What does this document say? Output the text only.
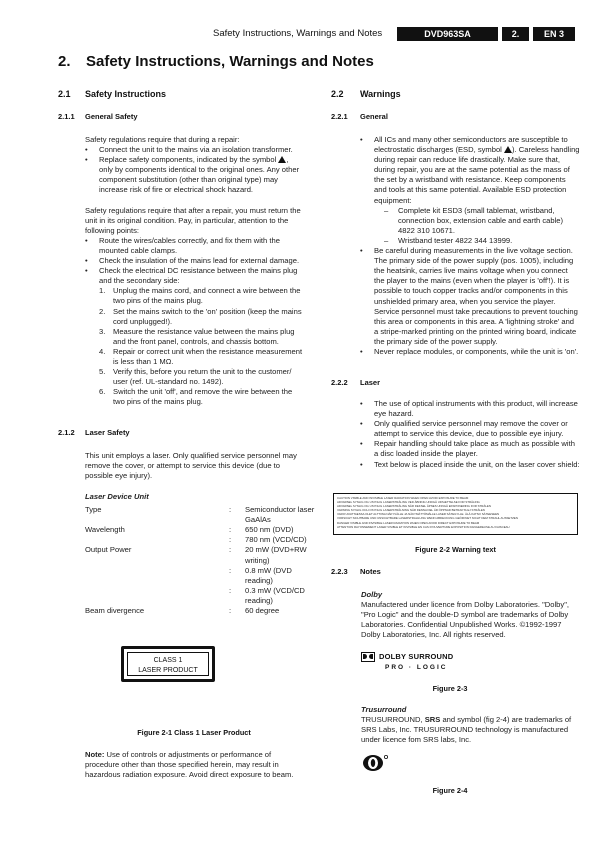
Safety Instructions, Warnings and Notes	DVD963SA	2.	EN 3
2. Safety Instructions, Warnings and Notes
2.1 Safety Instructions
2.1.1 General Safety

Safety regulations require that during a repair:

• Connect the unit to the mains via an isolation transformer.
• Replace safety components, indicated by the symbol , only by components identical to the original ones. Any other component substitution (other than original type) may increase risk of fire or electrical shock hazard.

Safety regulations require that after a repair, you must return the unit in its original condition. Pay, in particular, attention to the following points:

• Route the wires/cables correctly, and fix them with the mounted cable clamps.
• Check the insulation of the mains lead for external damage.
• Check the electrical DC resistance between the mains plug and the secondary side:
1. Unplug the mains cord, and connect a wire between the two pins of the mains plug.
2. Set the mains switch to the 'on' position (keep the mains cord unplugged!).
3. Measure the resistance value between the mains plug and the front panel, controls, and chassis bottom.
4. Repair or correct unit when the resistance measurement is less than 1 MΩ.
5. Verify this, before you return the unit to the customer/ user (ref. UL-standard no. 1492).
6. Switch the unit 'off', and remove the wire between the two pins of the mains plug.
2.1.2 Laser Safety

This unit employs a laser. Only qualified service personnel may remove the cover, or attempt to service this device (due to possible eye injury).

Laser Device Unit
Type	: Semiconductor laser
GaAlAs
Wavelength	: 650 nm (DVD)
: 780 nm (VCD/CD)
Output Power	: 20 mW (DVD+RW
writing)
: 0.8 mW (DVD
reading)
: 0.3 mW (VCD/CD
reading)
Beam divergence	: 60 degree
CLASS 1
LASER PRODUCT
Figure 2-1 Class 1 Laser Product

Note: Use of controls or adjustments or performance of procedure other than those specified herein, may result in hazardous radiation exposure. Avoid direct exposure to beam.

2.2 Warnings
2.2.1 General
• All ICs and many other semiconductors are susceptible to electrostatic discharges (ESD, symbol ). Careless handling during repair can reduce life drastically. Make sure that, during repair, you are at the same potential as the mass of the set by a wristband with resistance. Keep components and tools at this same potential. Available ESD protection equipment:
– Complete kit ESD3 (small tablemat, wristband, connection box, extension cable and earth cable) 4822 310 10671.
– Wristband tester 4822 344 13999.
• Be careful during measurements in the live voltage section. The primary side of the power supply (pos. 1005), including the heatsink, carries live mains voltage when you connect the player to the mains (even when the player is 'off'!). It is possible to touch copper tracks and/or components in this unshielded primary area, when you service the player. Service personnel must take precautions to prevent touching this area or components in this area. A 'lightning stroke' and a stripe-marked printing on the printed wiring board, indicate the primary side of the power supply.
• Never replace modules, or components, while the unit is 'on'.
2.2.2 Laser
• The use of optical instruments with this product, will increase eye hazard.
• Only qualified service personnel may remove the cover or attempt to service this device, due to possible eye injury.
• Repair handling should take place as much as possible with a disc loaded inside the player.
• Text below is placed inside the unit, on the laser cover shield:
CAUTION VISIBLE AND INVISIBLE LASER RADIATION WHEN OPEN AVOID EXPOSURE TO BEAM
ADVARSEL SYNLIG OG USYNLIG LASERSTRÅLING VED ÅBNING UNDGÅ UDSÆTTELSE FOR STRÅLING
ADVARSEL SYNLIG OG USYNLIG LASERSTRÅLING NÅR DEKSEL ÅPNES UNNGÅ EKSPONERING FOR STRÅLEN
VARNING SYNLIG OCH OSYNLIG LASERSTRÅLNING NÄR DENNA DEL ÄR ÖPPNAD BETRAKTA EJ STRÅLEN
VARO! AVATTAESSA OLET ALTTIINA NÄKYVÄLLE JA NÄKYMÄTTÖMÄLLE LASER SÄTEILYLLE. ÄLÄ KATSO SÄTEESEEN
VORSICHT SICHTBARE UND UNSICHTBARE LASERSTRAHLUNG WENN ABDECKUNG GEÖFFNET NICHT DEM STRAHL AUSSETZEN
DANGER VISIBLE AND INVISIBLE LASER RADIATION WHEN OPEN AVOID DIRECT EXPOSURE TO BEAM
ATTENTION RAYONNEMENT LASER VISIBLE ET INVISIBLE EN CAS D'OUVERTURE EXPOSITION DANGEREUSE AU FAISCEAU
Figure 2-2 Warning text
2.2.3 Notes
Dolby

Manufactered under licence from Dolby Laboratories. "Dolby", "Pro Logic" and the double-D symbol are trademarks of Dolby Laboratories. Confidential Unpublished Works. ©1992-1997 Dolby Laboratories, Inc. All rights reserved.

DOLBY SURROUND
PRO · LOGIC
Figure 2-3
Trusurround

TRUSURROUND, SRS and symbol (fig 2-4) are trademarks of SRS Labs, Inc. TRUSURROUND technology is manufactured under licence fom SRS labs, Inc.

Figure 2-4
